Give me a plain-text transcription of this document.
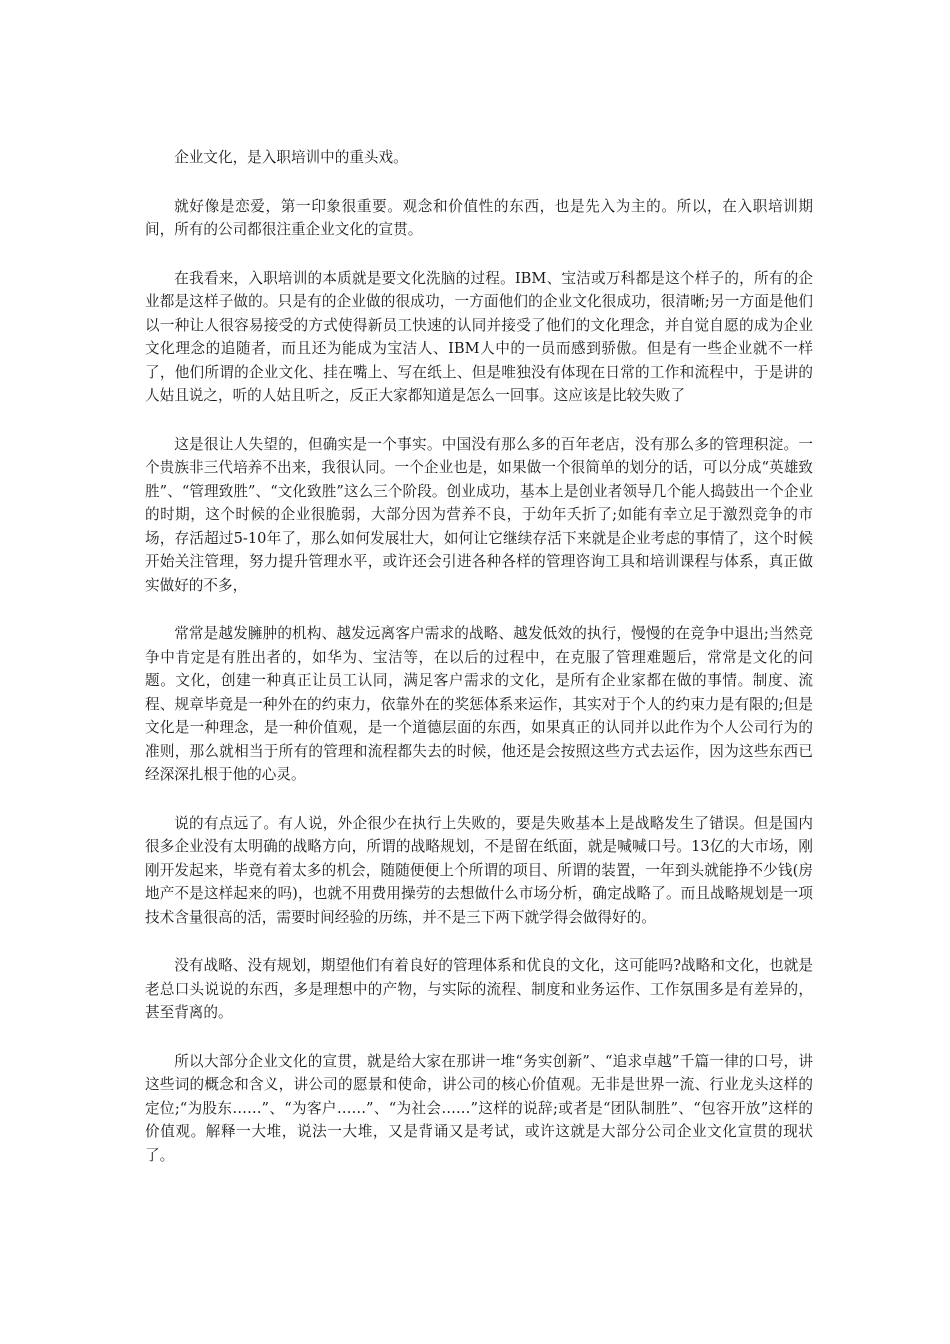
企业文化，是入职培训中的重头戏。

就好像是恋爱，第一印象很重要。观念和价值性的东西，也是先入为主的。所以，在入职培训期间，所有的公司都很注重企业文化的宣贯。

在我看来，入职培训的本质就是要文化洗脑的过程。IBM、宝洁或万科都是这个样子的，所有的企业都是这样子做的。只是有的企业做的很成功，一方面他们的企业文化很成功，很清晰;另一方面是他们以一种让人很容易接受的方式使得新员工快速的认同并接受了他们的文化理念，并自觉自愿的成为企业文化理念的追随者，而且还为能成为宝洁人、IBM人中的一员而感到骄傲。但是有一些企业就不一样了，他们所谓的企业文化、挂在嘴上、写在纸上、但是唯独没有体现在日常的工作和流程中，于是讲的人姑且说之，听的人姑且听之，反正大家都知道是怎么一回事。这应该是比较失败了

这是很让人失望的，但确实是一个事实。中国没有那么多的百年老店，没有那么多的管理积淀。一个贵族非三代培养不出来，我很认同。一个企业也是，如果做一个很简单的划分的话，可以分成“英雄致胜”、“管理致胜”、“文化致胜”这么三个阶段。创业成功，基本上是创业者领导几个能人捣鼓出一个企业的时期，这个时候的企业很脆弱，大部分因为营养不良，于幼年夭折了;如能有幸立足于激烈竞争的市场，存活超过5-10年了，那么如何发展壮大，如何让它继续存活下来就是企业考虑的事情了，这个时候开始关注管理，努力提升管理水平，或许还会引进各种各样的管理咨询工具和培训课程与体系，真正做实做好的不多，

常常是越发臃肿的机构、越发远离客户需求的战略、越发低效的执行，慢慢的在竞争中退出;当然竞争中肯定是有胜出者的，如华为、宝洁等，在以后的过程中，在克服了管理难题后，常常是文化的问题。文化，创建一种真正让员工认同，满足客户需求的文化，是所有企业家都在做的事情。制度、流程、规章毕竟是一种外在的约束力，依靠外在的奖惩体系来运作，其实对于个人的约束力是有限的;但是文化是一种理念，是一种价值观，是一个道德层面的东西，如果真正的认同并以此作为个人公司行为的准则，那么就相当于所有的管理和流程都失去的时候，他还是会按照这些方式去运作，因为这些东西已经深深扎根于他的心灵。

说的有点远了。有人说，外企很少在执行上失败的，要是失败基本上是战略发生了错误。但是国内很多企业没有太明确的战略方向，所谓的战略规划，不是留在纸面，就是喊喊口号。13亿的大市场，刚刚开发起来，毕竟有着太多的机会，随随便便上个所谓的项目、所谓的装置，一年到头就能挣不少钱(房地产不是这样起来的吗)，也就不用费用操劳的去想做什么市场分析，确定战略了。而且战略规划是一项技术含量很高的活，需要时间经验的历练，并不是三下两下就学得会做得好的。

没有战略、没有规划，期望他们有着良好的管理体系和优良的文化，这可能吗?战略和文化，也就是老总口头说说的东西，多是理想中的产物，与实际的流程、制度和业务运作、工作氛围多是有差异的，甚至背离的。

所以大部分企业文化的宣贯，就是给大家在那讲一堆“务实创新”、“追求卓越”千篇一律的口号，讲这些词的概念和含义，讲公司的愿景和使命，讲公司的核心价值观。无非是世界一流、行业龙头这样的定位;“为股东……”、“为客户……”、“为社会……”这样的说辞;或者是“团队制胜”、“包容开放”这样的价值观。解释一大堆，说法一大堆，又是背诵又是考试，或许这就是大部分公司企业文化宣贯的现状了。
